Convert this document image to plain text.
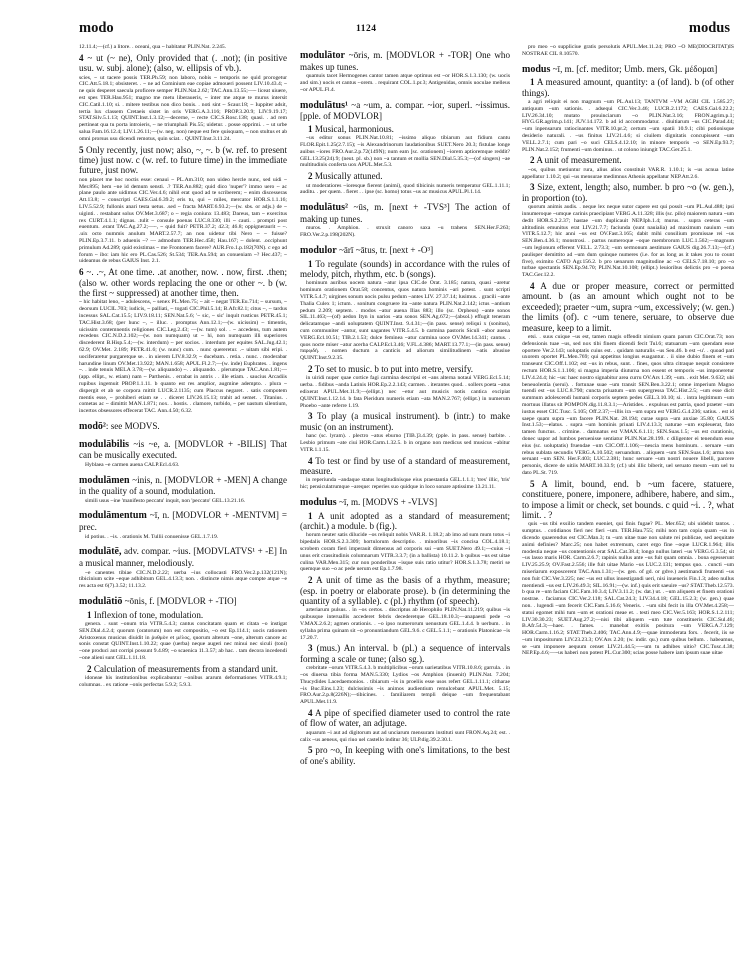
modo	1124	modus

12.11.4;—(cf.) a litore. . oceani, qua ~ habitatur PLIN.Nat. 2.245.

4 ~ ut (~ ne), Only provided that (. .not); (in positive usu. w. subj. alone); (also, w. ellipsis of vb.).

scies, ~ ut tacere possis TER.Ph.59; non laboro, nobis ~ temporis ne quid prorogetur CIC.Att.5.18.1; obsisteret. . ~ ne ad Cominium eae copiae admoueri possent LIV.10.43.4; ~ ne quis desperet saecula proficere semper PLIN.Nat.2.62; TAC.Ann.13.55;—~ liceat uiuere, est spes TER.Hau.951; magno me metu liberaueris, ~ inter me atque te murus intersit CIC.Catil.1.10; si. . mitere testibus non dico bonis. . noti sint ~ Scaur.18; ~ Iuppiter adsit, tertia lux classem Cretaeis sistet in oris VERG.A.3.116; PROP.3.20.9; LIV.9.19.17; STAT.Silv.5.1.13; QUINT.Inst.1.3.12;—decerne, ~ recte CIC.S.Rosc.138; quasi. . ad rem pertineat qua tu porta introieris, ~ ne triumphali Pis.55; uidetur. . posse opprimi. . ~ ut urbe salua Fam.16.12.4; LIV.1.26.11;—(w. neg. non) neque est fere quisquam, ~ non stultus et ab omni prorsus usu dicendi remotus, quin sciat. . QUINT.Inst.3.11.24.

5 Only recently, just now; also, ~, ~. b (w. ref. to present time) just now. c (w. ref. to future time) in the immediate future, just now.

non placet me hoc noctis esse: cenaui ~ PL.Am.310; non uideo hercle nunc, sed uidi ~ Mer.895; hem ~ne id demum sensti. .? TER.An.882; quid dico 'nuper'? immo uero ~ ac plane paulo ante uidimus CIC.Ver.4.6; nihil erat quod ad te scriberem; ~ enim discesseras Att.13.8; ~ conscripti CAES.Gal.6.39.2; eris tu, qui ~ miles, mercator HOR.S.1.1.16; LIV.5.52.9; fullonis anari testa uetus. .sed ~ fracta MART.6.93.2;—(w. sbs. or adjs.) de ~ uiginti. . restabant solus OV.Met.3.687; o ~ regia coniunx 13.483; Dareus, tam ~ exercitus rex CURT.4.1.1; dignas. .tulit ~ consule poenas LUC.8.330; illi ~ cauti. . prompti post euentum. .erant TAC.Ag.27.2;—~, ~ quid fuit? PETR.37.2; 42.3; 46.8; oppigneraurit ~ ~. .uix octo nummis anulum MART.2.57.7; an non uidetur tibi Nero ~ ~ fuisse? PLIN.Ep.3.7.11. b aduenis ~? — admodum TER.Hec.458; Hau.167; ~ dolent. .occiphunt primulum Ad.289; quid existimas ~ me Frontonem facere? AUR.Fro.1.p.182(70N). c ego ad forum ~ ibo: iam hic ero PL.Cas.526; St.534; TER.An.594; an conueniam ~? Hec.437; ~ uideamus de rebus GAIUS Inst. 2.1.

6 ~. .~, At one time. .at another, now. . now, first. .then; (also w. other words replacing the one or other ~. b (w. the first ~ suppressed) at another time, then.

~ hic habitat leno, ~ adulescens, ~ senex PL.Men.75; ~ ait ~ negat TER.Eu.714; ~ sursum, ~ deorsum LUCIL.703; iudicis, ~ palliati, ~ togati CIC.Phil.5.14; B.Afr.82.1; citus ~, ~ tardus incessus SAL.Cat.15.5; LIV.9.18.11; SEN.Nat.5.6; '~ sic, ~ sic' inquit rusticus PETR.45.1; TAC.Hist.3.68; (per hunc ~, ~ illuc. . promptus Ann.12.1;—(w. uicissim) ~ timentis, uicissim contemnentis religiones CIC.Leg.2.43; —(w. tum) sol. . ~ accedens, tum autem recedens CIC.N.D.2.102;—(w. non numquam) ut ~ hi, non numquam illi superiores discederent B.Hisp.5.4;—(w. interdum) ~ per socios. . interdum per equites SAL.Jug.42.1; 62.9; OV.Met. 2.189; PETR.41.6; (w. nunc) cum. . nunc quereretur. .~ uitam sibi eripi. . uociferaretur purgaretque se. . in uierem LIV.8.32.9; ~ ducebam. . retia. . nunc. . moderabar harundine linum OV.Met.13.922; MAN.1.658; APUL.Fl.2.7;—(w. inde) Euphrates. . ingens ~. . inde tenuis MELA 3.78;—(w. aliquando) ~. . aliquando. . plerumque TAC.Ann.1.81;—(app. ellipt., w. etiam) nam ~ Parthenis. . errabat in antris . . ille etiam. . saucius Arcadiis rupibus ingemuit PROP.1.1.11. b quanto est res amplior, augmine adempto. . plura ~ dispergit et ab se corpora mittit LUCR.2.1135; cum Placcus negaret. . satis compotem mentis esse, ~ prohiberi etiam se . . diceret LIV.26.15.13; trahit ad semet. . Titanius. . cometas ac ~ dimittit MAN.1.871; nox. . hostis. . clamore, turbido, ~ per uastum silentium, incertos obsessores effecerat TAC. Ann.4.50; 6.32.

modō²: see MODVS.

modulābilis ~is ~e, a. [MODVLOR + -BILIS] That can be musically executed.

Hyblaea ~e carmen auena CALP.Ecl.4.63.

modulāmen ~inis, n. [MODVLOR + -MEN] A change in the quality of a sound, modulation.

simili usus ~ine 'manifesto peccatu' inquit, non 'peccato' GEL.13.21.16.

modulāmentum ~ī, n. [MODVLOR + -MENTVM] = prec.

id potius. . ~is. . orationis M. Tullii conuenisse GEL.1.7.19.

modulātē, adv. compar. ~ius. [MODVLATVS¹ + -E] In a musical manner, melodiously.

~e canentes tibiae CIC.N.D.2.22; uerba ~ius collocasti FRO.Ver.2.p.132(121N); tibicinium scite ~eque adhibitum GEL.4.13.3; non. . distincte nimis atque compte atque ~e res acta est 6(7).3.52; 11.13.2.

modulātiō ~ōnis, f. [MODVLOR + -TIO]

1 Inflexion of tone, modulation.

genera. . sunt ~onum tria VITR.5.4.3; cantus concitatam quam et citata ~o instigat SEN.Dial.4.2.4; quorum (oratorum) non est compositio, ~o est Ep.114.1; uocis rationem Aristoxenus musicus diuidit in ῥυθμὸν et μέλος, quorum alterum ~one, alterum canore ac sonis constat QUINT.Inst.1.10.22; quae (uerba) neque augeri nec minui nec siculi (toni) ~one produci aut corripi possunt 9.4.89; ~o scaenica 11.3.57; ab hac. . tam decora incedendi ~one alieni sunt GEL.1.11.18.

2 Calculation of measurements from a standard unit.

idoneae his institutionibus explicabuntur ~onibus ararum deformationes VITR.4.9.1; columnas. . ex ratione ~onis perfectas 5.9.2; 5.9.3.

modulātor ~ōris, m. [MODVLOR + -TOR] One who makes up tunes.

quamuis tacet Hermogenes cantor tamen atque optimus est ~or HOR.S.1.3.130; (w. uocis and sim.) uocis et cantus ~orem. . requirant COL.1.pr.3; Antigenidas, omnis uoculae melleus ~or APUL.Fl.4.

modulātus¹ ~a ~um, a. compar. ~ior, superl. ~issimus. [pple. of MODVLOR]

1 Musical, harmonious.

~us editur sonus PLIN.Nat.10.81; ~issimo aliquo tibiarum aut fidium cantu FLOR.Epit.1.25(2.7.15); ~is Alexandrinorum laudationibus SUET.Nero 20.3; fistulae longe auibus ~iores FRO.Aur.2.p.72(149N); num eam [sc. orationem] ~iorem aptioremque reddit? GEL.13.25(24).9; (neut. pl. sb.) non ~a tantum et mollia SEN.Dial.5.35.3;—(of singers) ~ae multitudinis conferta uox APUL.Met.5.3.

2 Musically attuned.

ut moderatiores ~ioresque fierent (animi), quod tibicinis numeris temperatur GEL.1.11.1; auditu. . per quem. . fieret . . ipse (sc. homo) totus ~us ac musicus APUL.Pl.1.14.

modulātus² ~ūs, m. [next + -TVS³] The action of making up tunes.

muros. . Amphion. . struxit canoro saxa ~u trahens SEN.Her.F.263; FRO.Ver.2.p.198(202N).

modulor ~ārī ~ātus, tr. [next + -O³]

1 To regulate (sounds) in accordance with the rules of melody, pitch, rhythm, etc. b (songs).

hominum auribus uocem natura ~atur ipsa CIC.de Orat. 3.185; natura, quasi ~aretur hominum orationem Orat.58; concentus, quos natura hominis ~ari potest. . sunt scripti VITR.5.4.7; uirgines sonum uocis pulsu pedum ~antes LIV. 27.37.14; lusimus. . gracili ~ante Thalia Culex 1; ictum. . sonitum congruere ita ~ante natura PLIN.Nat.2.142; ictus ~antium pedum 2.209; septem. . modos ~atur auena Ilias 883; illo (sc. Orpheus) ~ante sonos SIL.11.463;—(of) aedon Ityn in uarios ~ata sonos SEN.Ag.672;—(absol.) effugit teneram delicatamque ~andi uoluptatem QUINT.Inst. 9.4.31;—(in pass. sense) reliqui x (sonitus), cum communiter ~antur, sunt uagantes VITR.5.4.5. b carmina pastoris Siculi ~abor auena VERG.Ecl.10.51; TIB.2.1.53; dulce feminea ~atur carmina uoce OV.Met.14.341; cantus. . quos nocte miser ~atur acerba CALP.Ecl.3.46; V.FL.4.386; MART.13.77.1;—(in pass. sense) παρῳδή. . nomen ductum a canticis ad aliorum similitudinem ~atis abusiue QUINT.Inst.9.2.35.

2 To set to music. b to put into metre, versify.

in uiridi nuper quae cortice fagi carmina descripsi et ~ans alterna notaui VERG.Ecl.5.14; uerba. . fidibus ~anda Latinis HOR.Ep.2.2.143; carmen. . iterantes quod. . sollers poeta ~atus edixerat APUL.Met.11.9;—(ellipt.) nec ~etur aut musicis notis cantica excipiat QUINT.Inst.1.12.14. b fata Pieridum numeris etiam ~ata MAN.2.767; (ellipt.) in numerum Phoebo ~ante referre 1.19.

3 To play (a musical instrument). b (intr.) to make music (on an instrument).

hanc (sc. lyram). . plectro ~atus eburno [TIB.]3.4.39; (pple. in pass. sense) barbite. . Lesbio primum ~ate ciui HOR.Carm.1.32.5. b in organo non medicus sed musicus ~abitur VITR.1.1.15.

4 To test or find by use of a standard of measurement, measure.

in reperiunda ~andaque status longitudinisque eius praestantia GEL.1.1.1; 'tres' illic, 'tris' hic; pensiculatrumque ~areque: reperies suo quidque in loco sonare aptissime 13.21.11.

modulus ~ī, m. [MODVS + -VLVS]

1 A unit adopted as a standard of measurement; (archit.) a module. b (fig.).

horum neuter satis dilucide ~os reliquit nobis VAR.R. 1.18.2; ab imo ad sum mum totus ~i bipedalis HOR.S.2.3.309; hortulorum descriptio. . minoribus ~is concisa COL.4.18.1; scrobem coram fieri imperauit dimensus ad corporis sui ~um SUET.Nero 49.1;—cuius ~i unus erit crassitudinis columnarum VITR.3.3.7; (in a ballista) 10.11.2. b quibus ~us est uitae culina VAR.Men.315; cur non ponderibus ~isque suis ratio utitur? HOR.S.1.3.78; metiri se quemque suo ~o ac pede uerum est Ep.1.7.98.

2 A unit of time as the basis of a rhythm, measure; (esp. in poetry or elaborate prose). b (in determining the quantity of a syllable). c (pl.) rhythm (of speech).

arteriarum pulsus. . in ~os certos. . discriptus ab Herophilo PLIN.Nat.11.219; quibus ~is quibusque interuallis accederet febris decederetque GEL.18.10.3;—anapaesti pede ~o V.MAX.2.6.2; agmen orationis. . ~o ipso numerorum uenustum GEL.1.4.4. b uerbum. . in syllaba prima quinam sit ~o pronuntiandum GEL.9.6. c GEL.5.1.1; ~ orationis Platonicae ~is 17.20.7.

3 (mus.) An interval. b (pl.) a sequence of intervals forming a scale or tune; (also sg.).

crebritate ~orum VITR.5.4.3. b multiplicibus ~orum uarietatibus VITR.10.8.6; garrula. . in ~os diuersa tibia forma MAN.5.330; Lydios ~os Amphion (inuenit) PLIN.Nat. 7.204; Thucydides Lacedaemonios. . tibiarum ~is in proeliis esse usos refert GEL.1.11.1; citharae ~is Buc.Eins.1.23; dulcissimis ~is animos audientium remulcebant APUL.Met. 5.15; FRO.Aur.2.p.8(226N);—tibicines. . familiarem templi deique ~um frequentabant APUL.Met.11.9.

4 A pipe of specified diameter used to control the rate of flow of water, an adjutage.

aquarum ~i aut ad digitorum aut ad unciarum mensuram instituti sunt FRON.Aq.24; est. . calix ~us aeneus, qui riuo uel castello inditur 36; ULP.dig.39.2.30.1.

5 pro ~o, In keeping with one's limitations, to the best of one's ability.

pro meo ~o suppliciue gratis persolutis APUL.Met.11.24; PRO ~O ME(DIOCRITAT)IS NOSTRAE CIL 8.10570.

modus ~ī, m. [cf. meditor; Umb. mers, Gk. μέδομαι]

1 A measured amount, quantity: a (of land). b (of other things).

a agri reliquit ei non magnum ~um PL.Aul.13; TANTVM ~VM AGRI CIL 1.585.27; antiquum ~um sationis. . adsequi CIC.Ver.3.46; LUCR.2.1172; CAES.Gal.6.22.2; LIV.26.34.10; mutato prouinciarum ~o PLIN.Nat.3.16; FRON.agrim.p.1; HYG.GR.agrim.p.141; JUV.14.172. b ad id accommodatur. . diuitiarum ~us CIC.Parad.44; ~um inpensarum ratiocinantes VITR.10.pr.2; certum ~um spatii 10.9.1; cibi potionisque desiderio naturali. . ~us finitus LIV.21.4.6; si ciuilem dignitatis concupissent ~um VELL.2.7.1; cum pari ~o suci CELS.4.12.10; in minore temporis ~o SEN.Ep.93.7; PLIN.Nat.2.152; frumenti ~um dominus. . ut colono iniungit TAC.Ger.25.1.

2 A unit of measurement.

~os, quibus metiuntur rura, alius alios constituit VAR.R. 1.10.1; is ~us acnua latine appellatur 1.10.2; qui ~us mensurae medimnus Athenis appellatur NEP.Att.2.6.

3 Size, extent, length; also, number. b pro ~o (w. gen.), in proportion (to).

quorum animis audis. . neque lex neque sutor capere est qui possit ~um PL.Aul.488; ipsi innumeroque ~umque carinis praecipiant VERG.A.11.328; illis (sc. pilo) maiorem natura ~um dedit HOR.S.2.2.37; hastae ~um duplicauit NEP.Iph.1.4; murus. . supra ceteras ~um altitudinis emunitus erat LIV.21.7.7; faciunda (sunt nauialia) ad maximum nauium ~um VITR.5.12.7; hic anni ~us est OV.Fast.3.165; dabit mihi consilium promissae rei ~us SEN.Ben.4.36.1; monstrosi. . partus numeroque ~oque membrorum LUC.1.562;—magnum ~um legionum efferent VELL. 2.73.3; ~um sermonum aestimare GAIUS dig.26.7.13;—(cf.) paulisper demittito ad ~um dum quinque numeres (i.e. for as long as it takes you to count five), eximito CATO Agr.156.2. b pro uenarum magnitudine ac ~o CELS.7.18.10; pro ~o turbae spectantis SEN.Ep.94.70; PLIN.Nat.10.108; (ellipt.) leuioribus delictis pro ~o poena TAC.Ger.12.2.

4 A due or proper measure, correct or permitted amount. b (as an amount which ought not to be exceeded); praeter ~um, supra ~um, excessively; (w. gen.) the limits (of). c ~um tenere, seruare, to observe due measure, keep to a limit.

etsi. . suus cuique ~us est, tamen magis offendit nimium quam parum CIC.Orat.73; non defensionis tuae ~us, sed nox tibi finem dicendi fecit Tul.6; statuarum ~um quendam esse oportere Ver.2.143; uoluptatis cuius est. . quidam naturalis ~us Sen.46. b est ~u'. . quoad pati uxorem oportet PL.Men.769; qui appetitus longius euagantur. . ii sine dubio finem et ~um transeunt CIC.Off.1.102; est ~us in rebus, sunt. . fines, quos ultra citraque nequit consistere rectum HOR.S.1.1.106; si magna imperia diuturna non essent et temporis ~us imponeretur LIV.4.24.4; hic ~us: haec nostro signabitur area curru OV.Ars 1.39; ~um. . exit Met. 9.632; ubi beneuolentia (serui). . fortunae suae ~um transit SEN.Ben.3.22.1; omne imperium Magno tuendi est ~us LUC.8.790; cuncta priuatum ~um supergressa TAC.Hist.2.5; ~um esse dicit summum adolescendi humani corporis septem pedes GEL.3.10.10; si. . intra legitimum ~um mortuus illatus sit POMPON.dig.11.8.3.1;—Aristides. . expulsus est patria, quod praeter ~um iustus esset CIC.Tusc. 5.105; Off.2.37;—illis ira ~um supra est VERG.G.4.236; satius. . est id saepe quam supra ~um facere PLIN.Nat. 28.194; curae supra ~um anxiae 35.80; GAIUS Inst.1.53;—elatus. . supra ~um hominis priuati LIV.4.13.3; naturae ~um expleuerat, fato tamen functus. . crimine. . damnatus est V.MAX.6.1.11; SEN.Suas.1.5; ~us est curationis, donec uapor ad lumbos peruenisse sentiatur PLIN.Nat.28.199. c diligenter ei tenendum esse eius (sc. uoluptatis) fruendae ~um CIC.Off.1.106;—nescia mens hominum. . seruare ~um rebus sublata secundis VERG.A.10.502; seruandum. . aliquem ~um SEN.Suas.1.6; arma non seruant ~um SEN. Her.F.403; LUC.2.381; hunc seruare ~um nostri nouere libelli, parcere personis, dicere de uitiis MART.10.33.9; (cf.) ubi illic biberit, uel seruato meum ~um uel tu dato PL.St. 719.

5 A limit, bound, end. b ~um facere, statuere, constituere, ponere, imponere, adhibere, habere, and sim., to impose a limit or check, set bounds. c quid ~i. . ?, what limit. . ?

quis ~us tibi exsilio tandem eueniet, qui finis fugae? PL. Mer.652; ubi uidebit tantos. . sumptus. . cotidianos fieri nec fieri ~um. TER.Hau.755; mihi non tam copia quam ~us in dicendo quaerendus est CIC.Man.3; tu ~um uitae tuae non salute rei publicae, sed aequitate animi definies? Marc.25; non habet extremum, caret ergo fine ~oque LUCR.1.964; illis modestia neque ~us contentionis erat SAL.Cat.38.4; longo nullus lateri ~us VERG.G.3.54; sit ~us lasso maris HOR. Carm.2.6.7; rapinis nullus ante ~us fuit quam omnia. . bona egesserunt LIV.25.25.9; OV.Fast.2.556; ille fuit uitae Mario ~us LUC.2.131; tempus quo. . cuncti ~um miseriarum exposcerent TAC.Ann.1.31;—(w. gen. of gd. or gdve.) aestimandi frumenti ~us non fuit CIC.Ver.3.225; nec ~us est ullus inuestigandi ueri, nisi inueneris Fin.1.3; adeo nullus mentiendi ~us est LIV.26.49.3; SIL.16.91;—(w. inf.) quis erit saeuire ~us? STAT.Theb.12.573. b qua re ~um faciam CIC.Fam.10.3.4; LIV.3.11.2; (w. dat.) ut. . ~um aliquem et finem orationi nostrae. . faciamus CIC.Ver.2.118; SAL.Cat.24.3; LIV.34.4.18; GEL.15.2.3; (w. gen.) quae non. . lugendi ~um fecerit CIC.Fam.5.16.6; Veneris. . ~um sibi fecit in illa OV.Met.4.258;—statui egomet mihi tum ~um et orationi meae et. . testi meo CIC.Ver.5.163; HOR.S.1.2.111; LIV.30.30.23; SUET.Aug.27.2;—nisi tibi aliquem ~um tute constitueris CIC.Sul.46; B.Afr.54.3;—haec. . fames. . manebat exitiis positura ~um VERG.A.7.129; HOR.Carm.1.16.2; STAT.Theb.2.406; TAC.Ann.4.9;—quae immoderata fors. . fecerit, iis se ~um impositurum LIV.23.23.3; OV.Ars 2.20; (w. indir. qu.) cum quibus bellum. . habeamus, se ~um imponere aequum censet LIV.21.44.5;—~um tu adhibes uitio? CIC.Tusc.4.38; NEP.Ep.4.6;—~us haberi non potest PL.Cur.300; scias posse habere iam ipsum suae uitae
